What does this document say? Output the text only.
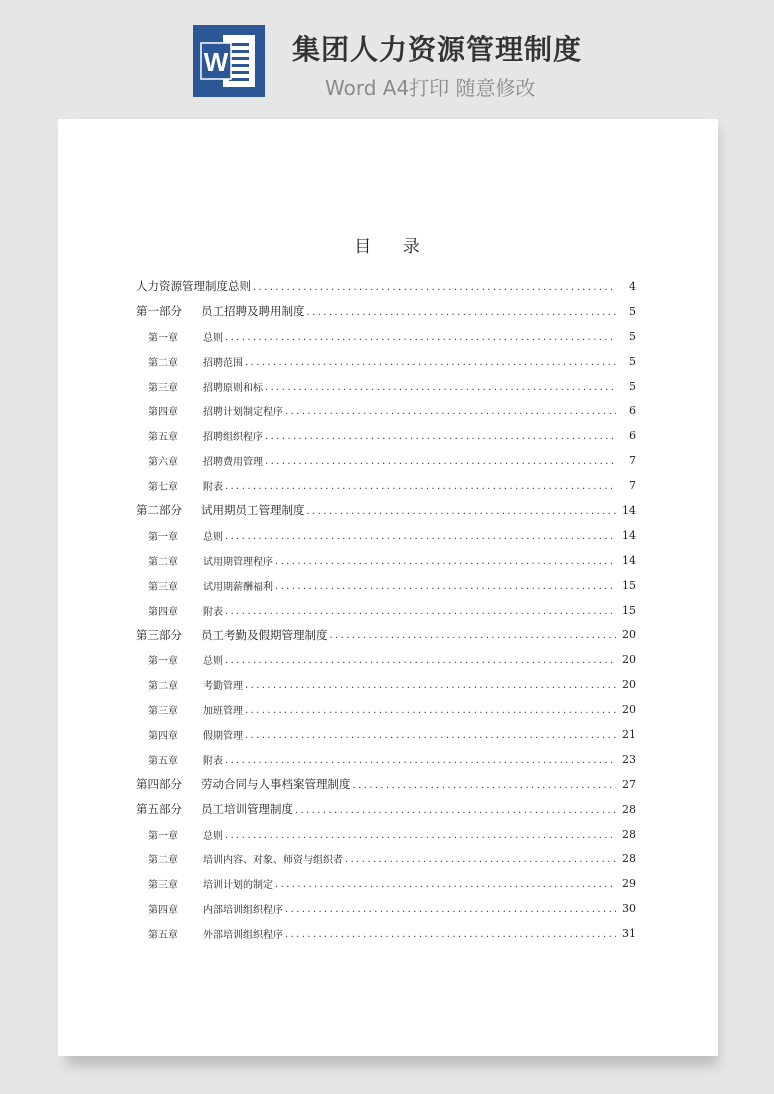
W 集团人力资源管理制度
Word A4打印 随意修改
目    录
人力资源管理制度总则 .....	4
第一部分	员工招聘及聘用制度 .....	5
第一章	总则 .....	5
第二章	招聘范围 .....	5
第三章	招聘原则和标 .....	5
第四章	招聘计划制定程序 .....	6
第五章	招聘组织程序 .....	6
第六章	招聘费用管理 .....	7
第七章	附表 .....	7
第二部分	试用期员工管理制度 .....	14
第一章	总则 .....	14
第二章	试用期管理程序 .....	14
第三章	试用期薪酬福利 .....	15
第四章	附表 .....	15
第三部分	员工考勤及假期管理制度 .....	20
第一章	总则 .....	20
第二章	考勤管理 .....	20
第三章	加班管理 .....	20
第四章	假期管理 .....	21
第五章	附表 .....	23
第四部分	劳动合同与人事档案管理制度 .....	27
第五部分	员工培训管理制度 .....	28
第一章	总则 .....	28
第二章	培训内容、对象、师资与组织者 .....	28
第三章	培训计划的制定 .....	29
第四章	内部培训组织程序 .....	30
第五章	外部培训组织程序 .....	31
